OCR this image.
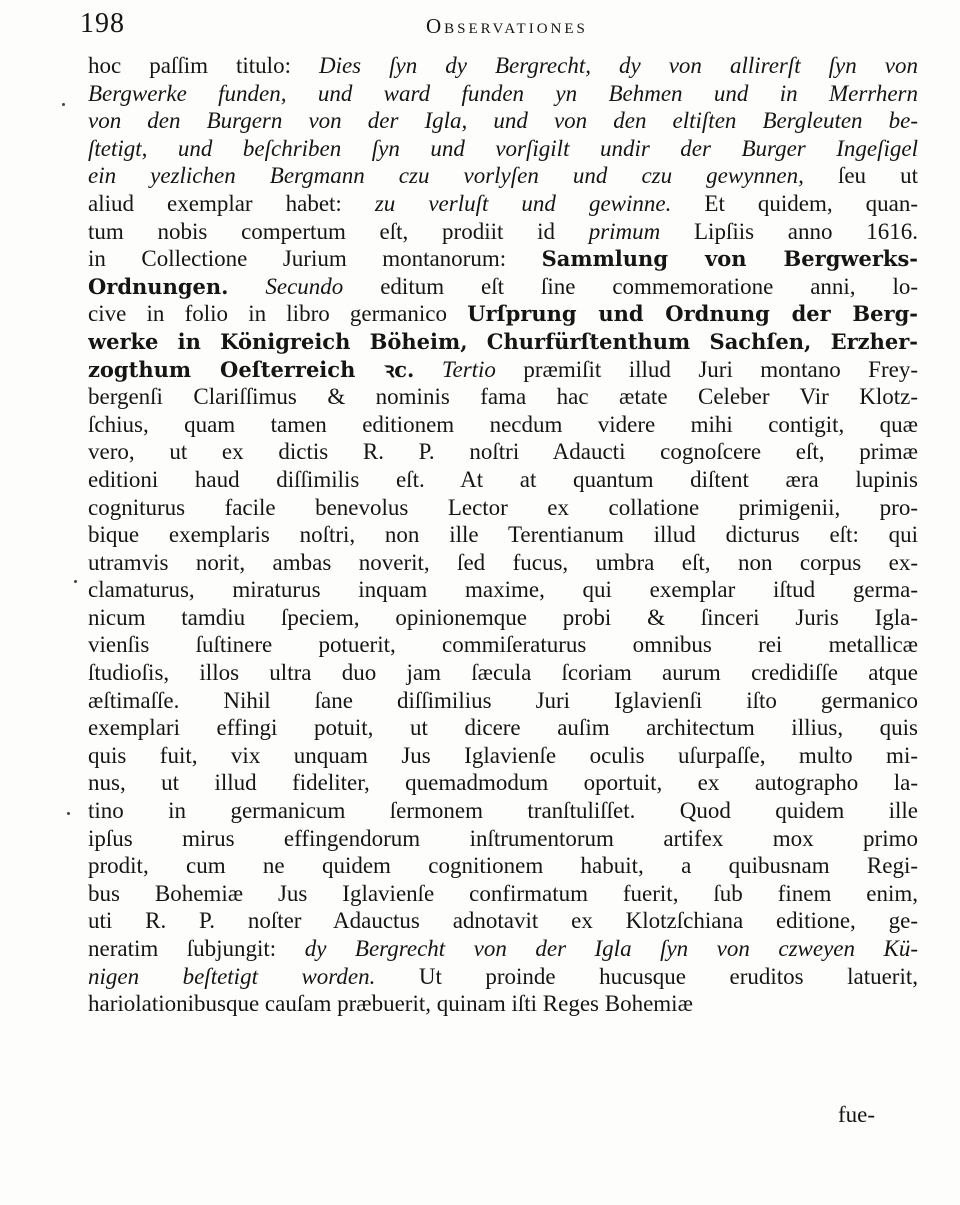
198	Observationes
hoc paſſim titulo: Dies ſyn dy Bergrecht, dy von allirerſt ſyn von
Bergwerke funden, und ward funden yn Behmen und in Merrhern
von den Burgern von der Igla, und von den eltiſten Bergleuten be-
ſtetigt, und beſchriben ſyn und vorſigilt undir der Burger Ingeſigel
ein yezlichen Bergmann czu vorlyſen und czu gewynnen, ſeu ut
aliud exemplar habet: zu verluſt und gewinne. Et quidem, quan-
tum nobis compertum eſt, prodiit id primum Lipſiis anno 1616.
in Collectione Jurium montanorum: Sammlung von Bergwerks-
Ordnungen. Secundo editum eſt ſine commemoratione anni, lo-
cive in folio in libro germanico Urſprung und Ordnung der Berg-
werke in Königreich Böheim, Churfürſtenthum Sachſen, Erzher-
zogthum Oeſterreich ꝛc. Tertio præmiſit illud Juri montano Frey-
bergenſi Clariſſimus & nominis fama hac ætate Celeber Vir Klotz-
ſchius, quam tamen editionem necdum videre mihi contigit, quæ
vero, ut ex dictis R. P. noſtri Adaucti cognoſcere eſt, primæ
editioni haud diſſimilis eſt. At at quantum diſtent æra lupinis
cogniturus facile benevolus Lector ex collatione primigenii, pro-
bique exemplaris noſtri, non ille Terentianum illud dicturus eſt: qui
utramvis norit, ambas noverit, ſed fucus, umbra eſt, non corpus ex-
clamaturus, miraturus inquam maxime, qui exemplar iſtud germa-
nicum tamdiu ſpeciem, opinionemque probi & ſinceri Juris Igla-
vienſis ſuſtinere potuerit, commiſeraturus omnibus rei metallicæ
ſtudioſis, illos ultra duo jam ſæcula ſcoriam aurum credidiſſe atque
æſtimaſſe. Nihil ſane diſſimilius Juri Iglavienſi iſto germanico
exemplari effingi potuit, ut dicere auſim architectum illius, quis
quis fuit, vix unquam Jus Iglavienſe oculis uſurpaſſe, multo mi-
nus, ut illud fideliter, quemadmodum oportuit, ex autographo la-
tino in germanicum ſermonem tranſtuliſſet. Quod quidem ille
ipſus mirus effingendorum inſtrumentorum artifex mox primo
prodit, cum ne quidem cognitionem habuit, a quibusnam Regi-
bus Bohemiæ Jus Iglavienſe confirmatum fuerit, ſub finem enim,
uti R. P. noſter Adauctus adnotavit ex Klotzſchiana editione, ge-
neratim ſubjungit: dy Bergrecht von der Igla ſyn von czweyen Kü-
nigen beſtetigt worden. Ut proinde hucusque eruditos latuerit,
hariolationibusque cauſam præbuerit, quinam iſti Reges Bohemiæ
fue-
